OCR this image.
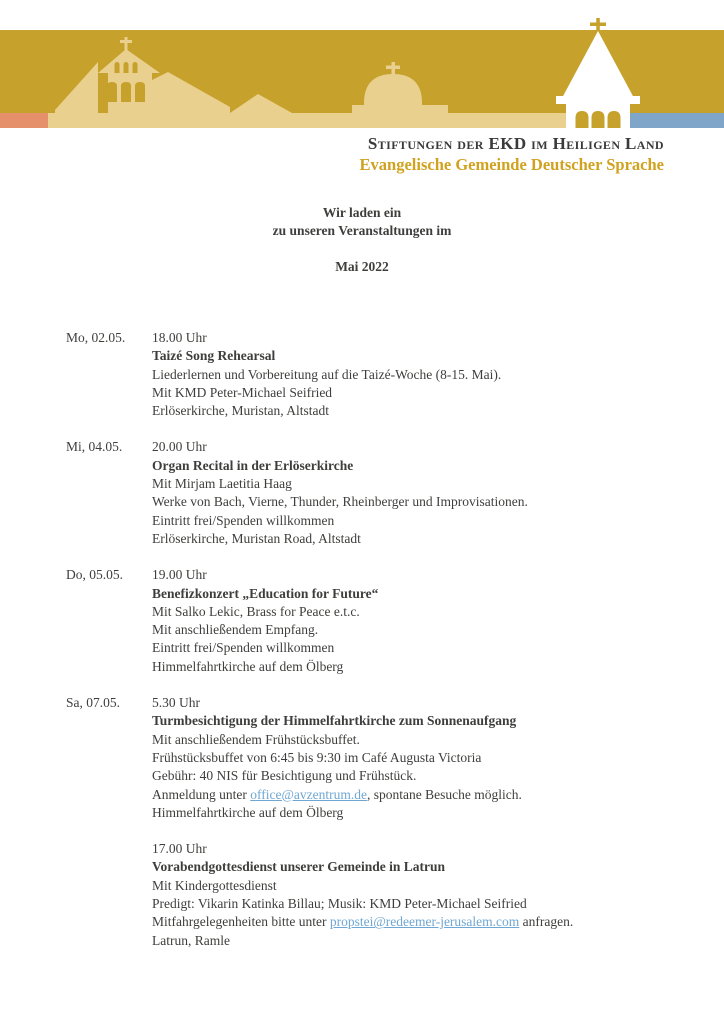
Stiftungen der EKD im Heiligen Land
Evangelische Gemeinde Deutscher Sprache
Wir laden ein
zu unseren Veranstaltungen im
Mai 2022
Mo, 02.05.	18.00 Uhr
Taizé Song Rehearsal
Liederlernen und Vorbereitung auf die Taizé-Woche (8-15. Mai).
Mit KMD Peter-Michael Seifried
Erlöserkirche, Muristan, Altstadt
Mi, 04.05.	20.00 Uhr
Organ Recital in der Erlöserkirche
Mit Mirjam Laetitia Haag
Werke von Bach, Vierne, Thunder, Rheinberger und Improvisationen.
Eintritt frei/Spenden willkommen
Erlöserkirche, Muristan Road, Altstadt
Do, 05.05.	19.00 Uhr
Benefizkonzert „Education for Future“
Mit Salko Lekic, Brass for Peace e.t.c.
Mit anschließendem Empfang.
Eintritt frei/Spenden willkommen
Himmelfahrtkirche auf dem Ölberg
Sa, 07.05.	5.30 Uhr
Turmbesichtigung der Himmelfahrtkirche zum Sonnenaufgang
Mit anschließendem Frühstücksbuffet.
Frühstücksbuffet von 6:45 bis 9:30 im Café Augusta Victoria
Gebühr: 40 NIS für Besichtigung und Frühstück.
Anmeldung unter office@avzentrum.de, spontane Besuche möglich.
Himmelfahrtkirche auf dem Ölberg
17.00 Uhr
Vorabendgottesdienst unserer Gemeinde in Latrun
Mit Kindergottesdienst
Predigt: Vikarin Katinka Billau; Musik: KMD Peter-Michael Seifried
Mitfahrgelegenheiten bitte unter propstei@redeemer-jerusalem.com anfragen.
Latrun, Ramle
